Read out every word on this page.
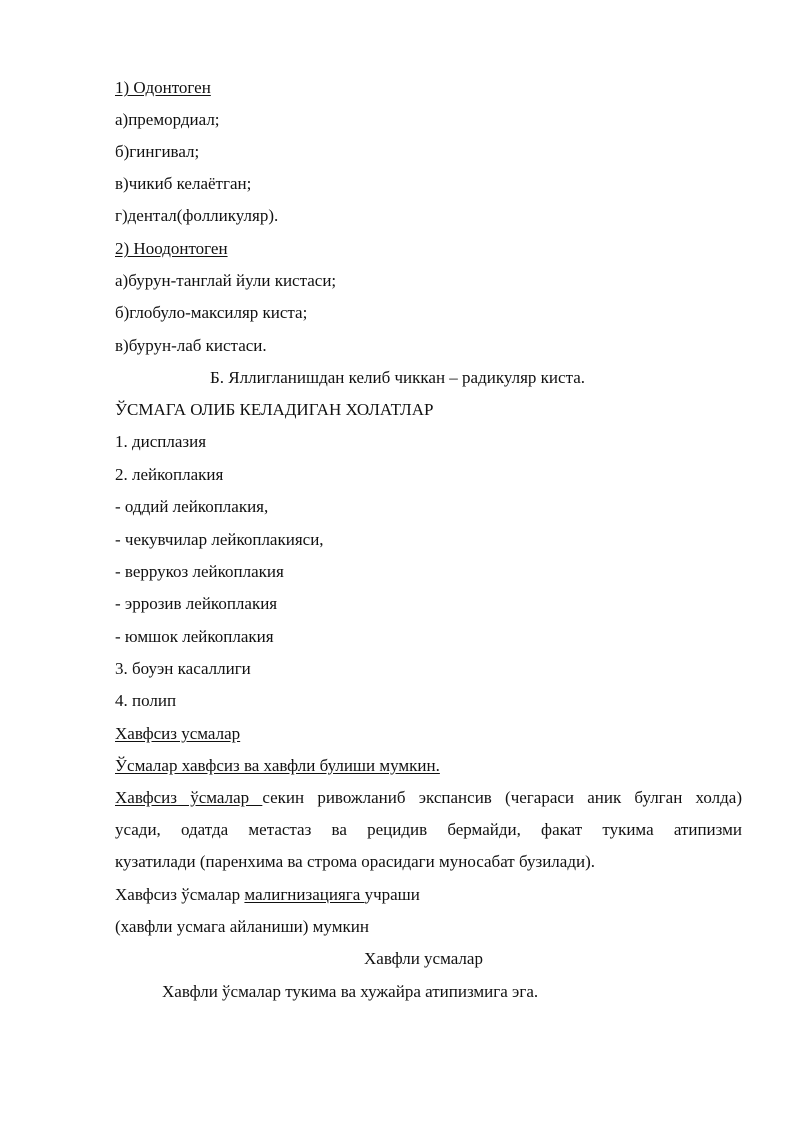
1) Одонтоген
а)премордиал;
б)гингивал;
в)чикиб келаётган;
г)дентал(фолликуляр).
2) Ноодонтоген
а)бурун-танглай йули кистаси;
б)глобуло-максиляр киста;
в)бурун-лаб кистаси.
Б. Яллигланишдан келиб чиккан – радикуляр киста.
ЎСМАГА ОЛИБ КЕЛАДИГАН ХОЛАТЛАР
1. дисплазия
2. лейкоплакия
- оддий лейкоплакия,
- чекувчилар лейкоплакияси,
- веррукоз лейкоплакия
- эррозив лейкоплакия
- юмшок лейкоплакия
3. боуэн касаллиги
4. полип
Хавфсиз усмалар
Ўсмалар хавфсиз ва хавфли булиши мумкин.
Хавфсиз ўсмалар секин ривожланиб экспансив (чегараси аник булган холда)
усади, одатда метастаз ва рецидив бермайди, факат тукима атипизми
кузатилади (паренхима ва строма орасидаги муносабат бузилади).
Хавфсиз ўсмалар малигнизацияга учраши
(хавфли усмага айланиши) мумкин
Хавфли усмалар
Хавфли ўсмалар тукима ва хужайра атипизмига эга.
